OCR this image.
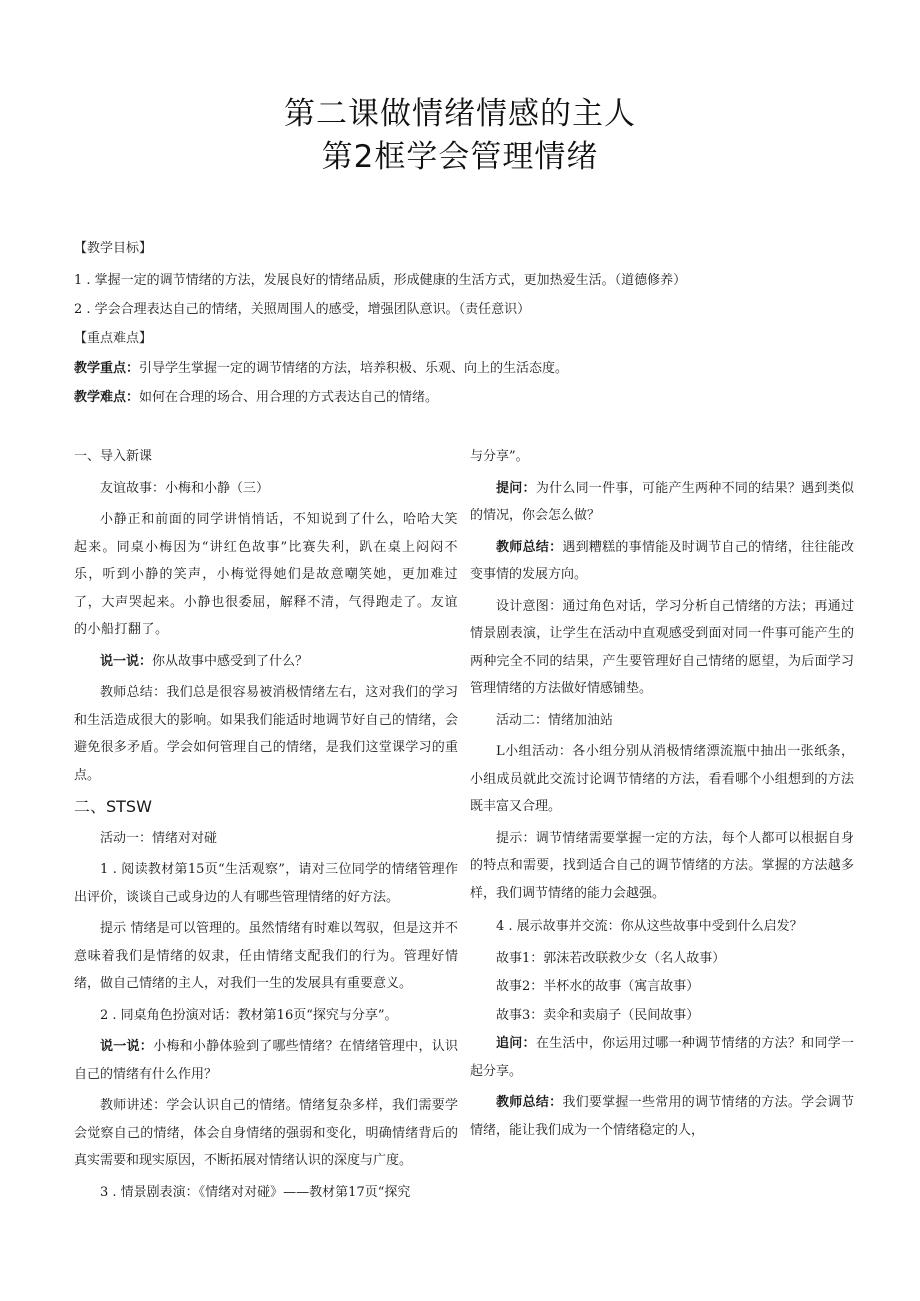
第二课做情绪情感的主人
第2框学会管理情绪

【教学目标】

1 . 掌握一定的调节情绪的方法，发展良好的情绪品质，形成健康的生活方式，更加热爱生活。（道德修养）

2 . 学会合理表达自己的情绪，关照周围人的感受，增强团队意识。（责任意识）

【重点难点】

教学重点：引导学生掌握一定的调节情绪的方法，培养积极、乐观、向上的生活态度。

教学难点：如何在合理的场合、用合理的方式表达自己的情绪。

一、导入新课

友谊故事：小梅和小静（三）

小静正和前面的同学讲悄悄话，不知说到了什么，哈哈大笑起来。同桌小梅因为“讲红色故事”比赛失利，趴在桌上闷闷不乐，听到小静的笑声，小梅觉得她们是故意嘲笑她，更加难过了，大声哭起来。小静也很委屈，解释不清，气得跑走了。友谊的小船打翻了。

说一说：你从故事中感受到了什么？

教师总结：我们总是很容易被消极情绪左右，这对我们的学习和生活造成很大的影响。如果我们能适时地调节好自己的情绪，会避免很多矛盾。学会如何管理自己的情绪，是我们这堂课学习的重点。

二、STSW

活动一：情绪对对碰

1 . 阅读教材第15页“生活观察”，请对三位同学的情绪管理作出评价，谈谈自己或身边的人有哪些管理情绪的好方法。

提示 情绪是可以管理的。虽然情绪有时难以驾驭，但是这并不意味着我们是情绪的奴隶，任由情绪支配我们的行为。管理好情绪，做自己情绪的主人，对我们一生的发展具有重要意义。

2 . 同桌角色扮演对话：教材第16页“探究与分享”。

说一说：小梅和小静体验到了哪些情绪？在情绪管理中，认识自己的情绪有什么作用？

教师讲述：学会认识自己的情绪。情绪复杂多样，我们需要学会觉察自己的情绪，体会自身情绪的强弱和变化，明确情绪背后的真实需要和现实原因，不断拓展对情绪认识的深度与广度。

3 . 情景剧表演：《情绪对对碰》——教材第17页“探究

与分享”。

提问：为什么同一件事，可能产生两种不同的结果？遇到类似的情况，你会怎么做？

教师总结：遇到糟糕的事情能及时调节自己的情绪，往往能改变事情的发展方向。

设计意图：通过角色对话，学习分析自己情绪的方法；再通过情景剧表演，让学生在活动中直观感受到面对同一件事可能产生的两种完全不同的结果，产生要管理好自己情绪的愿望，为后面学习管理情绪的方法做好情感铺垫。

活动二：情绪加油站

L小组活动：各小组分别从消极情绪漂流瓶中抽出一张纸条，小组成员就此交流讨论调节情绪的方法，看看哪个小组想到的方法既丰富又合理。

提示：调节情绪需要掌握一定的方法，每个人都可以根据自身的特点和需要，找到适合自己的调节情绪的方法。掌握的方法越多样，我们调节情绪的能力会越强。

4 . 展示故事并交流：你从这些故事中受到什么启发？

故事1：郭沫若改联救少女（名人故事）

故事2：半杯水的故事（寓言故事）

故事3：卖伞和卖扇子（民间故事）

追问：在生活中，你运用过哪一种调节情绪的方法？和同学一起分享。

教师总结：我们要掌握一些常用的调节情绪的方法。学会调节情绪，能让我们成为一个情绪稳定的人，
